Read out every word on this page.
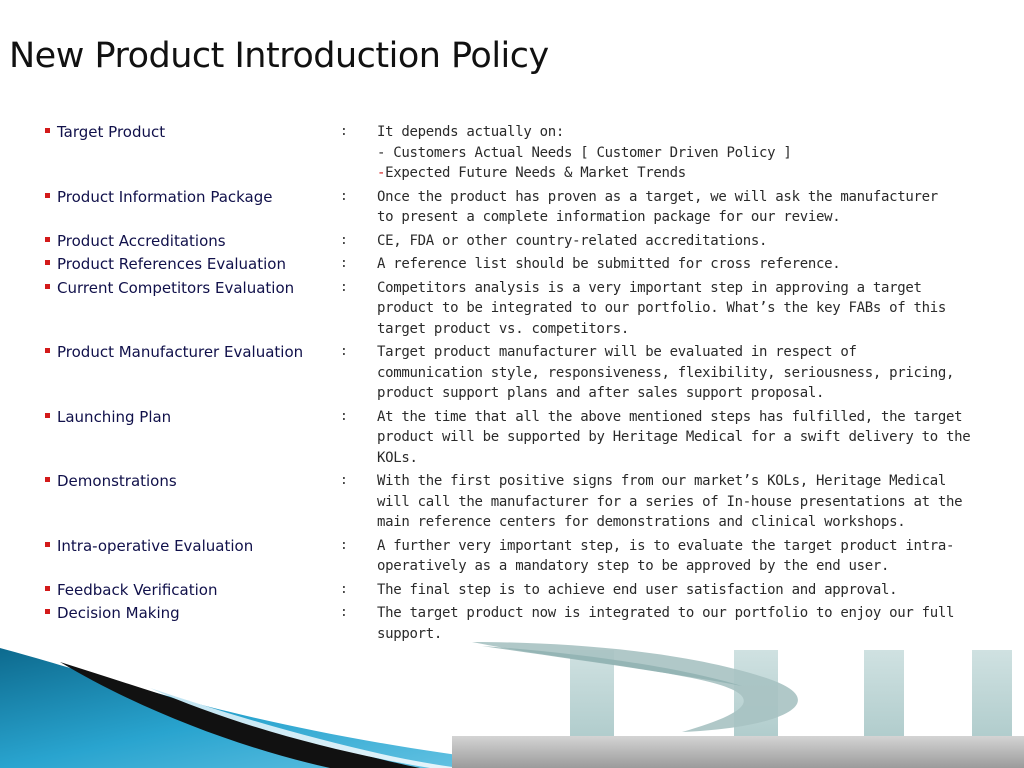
New Product Introduction Policy
Target Product	:	It depends actually on:
- Customers Actual Needs [ Customer Driven Policy ]
-Expected Future Needs & Market Trends
Product Information Package	:	Once the product has proven as a target, we will ask the manufacturer
to present a complete information package for our review.
Product Accreditations	:	CE, FDA or other country-related accreditations.
Product References Evaluation	:	A reference list should be submitted for cross reference.
Current Competitors Evaluation	:	Competitors analysis is a very important step in approving a target
product to be integrated to our portfolio. What’s the key FABs of this
target product vs. competitors.
Product Manufacturer Evaluation	:	Target product manufacturer will be evaluated in respect of
communication style, responsiveness, flexibility, seriousness, pricing,
product support plans and after sales support proposal.
Launching Plan	:	At the time that all the above mentioned steps has fulfilled, the target
product will be supported by Heritage Medical for a swift delivery to the
KOLs.
Demonstrations	:	With the first positive signs from our market’s KOLs, Heritage Medical
will call the manufacturer for a series of In-house presentations at the
main reference centers for demonstrations and clinical workshops.
Intra-operative Evaluation	:	A further very important step, is to evaluate the target product intra-
operatively as a mandatory step to be approved by the end user.
Feedback Verification	:	The final step is to achieve end user satisfaction and approval.
Decision Making	:	The target product now is integrated to our portfolio to enjoy our full
support.
